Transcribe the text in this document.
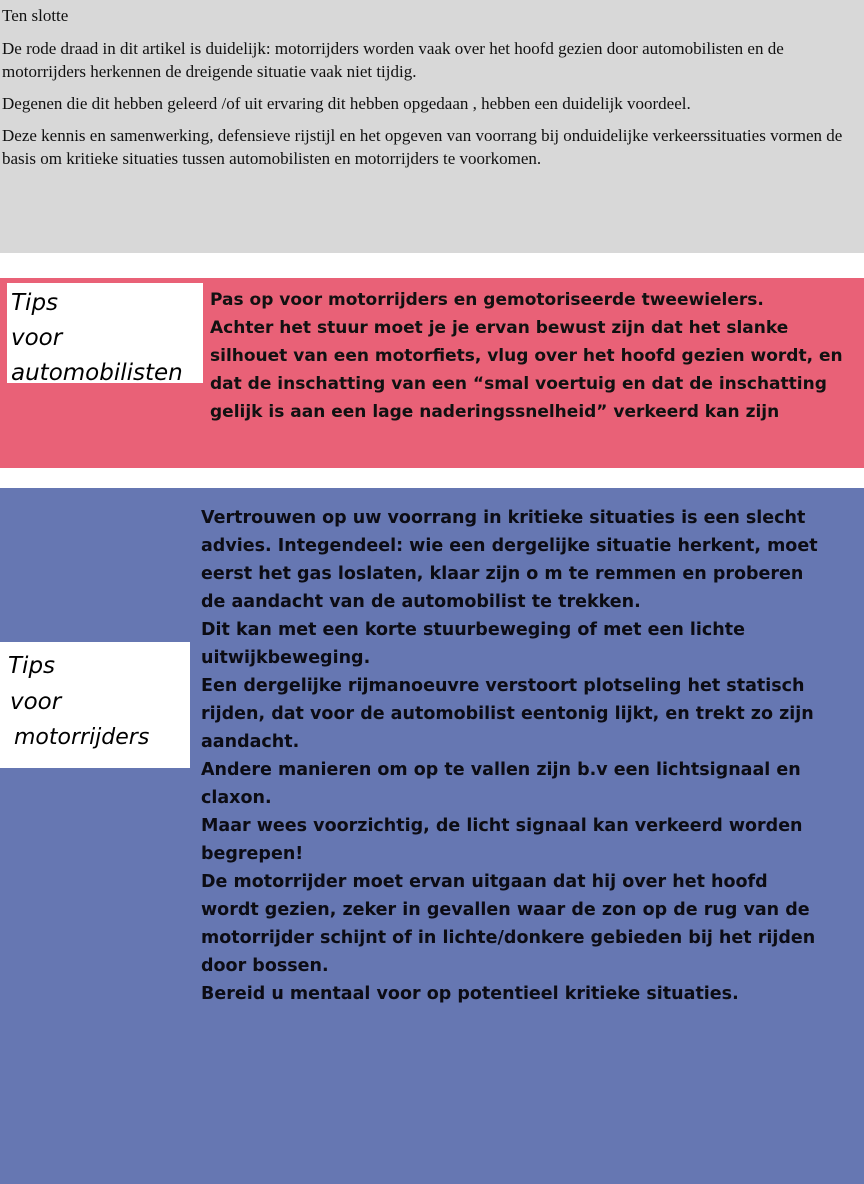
Ten slotte

De rode draad in dit artikel is duidelijk: motorrijders worden vaak over het hoofd gezien door automobilisten en de motorrijders herkennen de dreigende situatie vaak niet tijdig.

Degenen die dit hebben geleerd /of uit ervaring dit hebben opgedaan , hebben een duidelijk voordeel.

Deze kennis en samenwerking, defensieve rijstijl en het opgeven van voorrang bij onduidelijke verkeerssituaties vormen de basis om kritieke situaties tussen automobilisten en motorrijders te voorkomen.

Tips
voor
automobilisten
Pas op voor motorrijders en gemotoriseerde tweewielers.
Achter het stuur moet je je ervan bewust zijn dat het slanke
silhouet van een motorfiets, vlug over het hoofd gezien wordt, en
dat de inschatting van een “smal voertuig en dat de inschatting
gelijk is aan een lage naderingssnelheid” verkeerd kan zijn
Tips
voor
motorrijders
Vertrouwen op uw voorrang in kritieke situaties is een slecht
advies. Integendeel: wie een dergelijke situatie herkent, moet
eerst het gas loslaten, klaar zijn o m te remmen en proberen
de aandacht van de automobilist te trekken.
Dit kan met een korte stuurbeweging of met een lichte
uitwijkbeweging.
Een dergelijke rijmanoeuvre verstoort plotseling het statisch
rijden, dat voor de automobilist eentonig lijkt, en trekt zo zijn
aandacht.
Andere manieren om op te vallen zijn b.v een lichtsignaal en
claxon.
Maar wees voorzichtig, de licht signaal kan verkeerd worden
begrepen!
De motorrijder moet ervan uitgaan dat hij over het hoofd
wordt gezien, zeker in gevallen waar de zon op de rug van de
motorrijder schijnt of in lichte/donkere gebieden bij het rijden
door bossen.
Bereid u mentaal voor op potentieel kritieke situaties.
